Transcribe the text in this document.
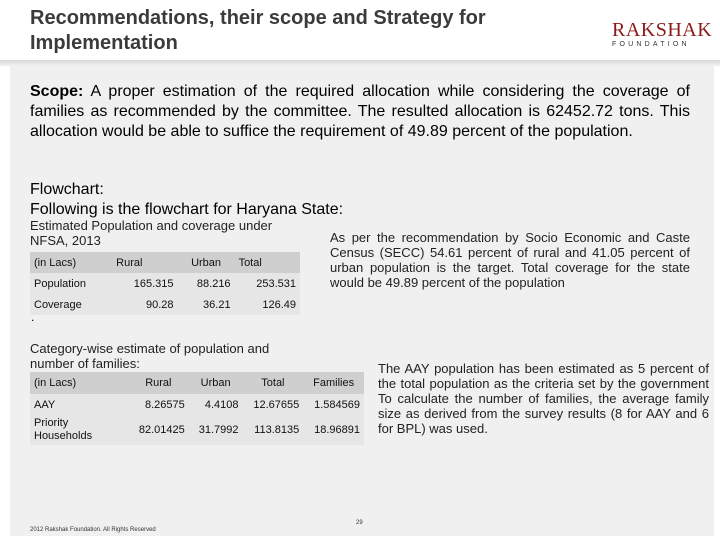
Recommendations, their scope and Strategy for Implementation
RAKSHAK
FOUNDATION
Scope: A proper estimation of the required allocation while considering the coverage of families as recommended by the committee. The resulted allocation is 62452.72 tons. This allocation would be able to suffice the requirement of 49.89 percent of the population.
Flowchart:
Following is the flowchart for Haryana State:
Estimated Population and coverage under NFSA, 2013
(in Lacs)	Rural	Urban	Total
Population	165.315	88.216	253.531
Coverage	90.28	36.21	126.49
.
As per the recommendation by Socio Economic and Caste Census (SECC) 54.61 percent of rural and 41.05 percent of urban population is the target. Total coverage for the state would be 49.89 percent of the population
Category-wise estimate of population and number of families:
(in Lacs)	Rural	Urban	Total	Families
AAY	8.26575	4.4108	12.67655	1.584569
Priority Households	82.01425	31.7992	113.8135	18.96891
The AAY population has been estimated as 5 percent of the total population as the criteria set by the government To calculate the number of families, the average family size as derived from the survey results (8 for AAY and 6 for BPL) was used.
29
2012 Rakshak Foundation. All Rights Reserved
